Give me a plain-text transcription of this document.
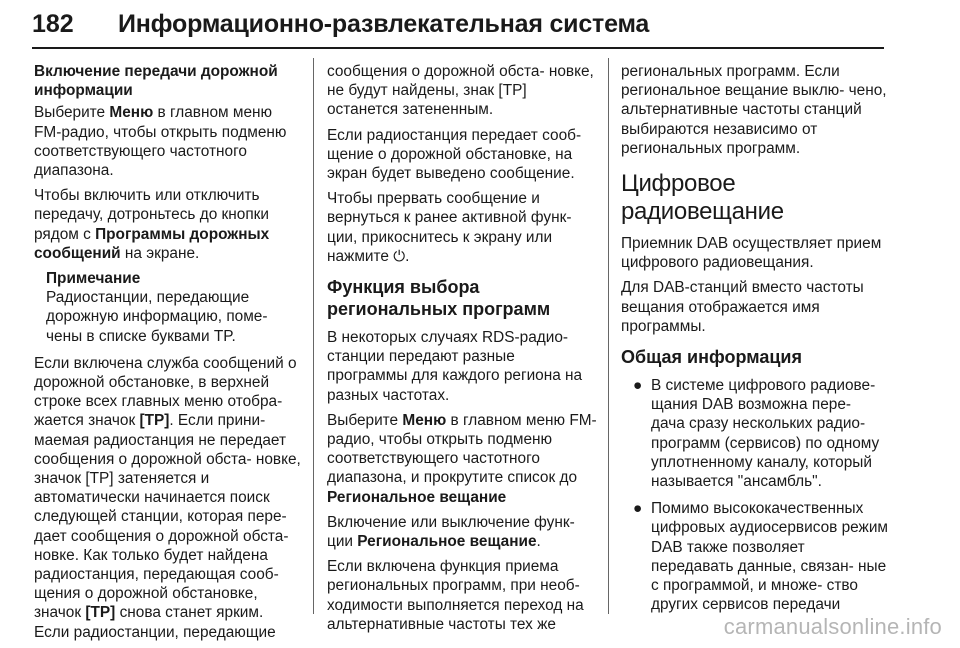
182 Информационно-развлекательная система
Включение передачи дорожной информации

Выберите Меню в главном меню FM-радио, чтобы открыть подменю соответствующего частотного диапазона.

Чтобы включить или отключить передачу, дотроньтесь до кнопки рядом с Программы дорожных сообщений на экране.

Примечание

Радиостанции, передающие дорожную информацию, поме- чены в списке буквами TP.

Если включена служба сообщений о дорожной обстановке, в верхней строке всех главных меню отобра- жается значок [TP]. Если прини- маемая радиостанция не передает сообщения о дорожной обста- новке, значок [TP] затеняется и автоматически начинается поиск следующей станции, которая пере- дает сообщения о дорожной обста- новке. Как только будет найдена радиостанция, передающая сооб- щения о дорожной обстановке, значок [TP] снова станет ярким. Если радиостанции, передающие

сообщения о дорожной обста- новке, не будут найдены, знак [TP] останется затененным.

Если радиостанция передает сооб- щение о дорожной обстановке, на экран будет выведено сообщение.

Чтобы прервать сообщение и вернуться к ранее активной функ- ции, прикоснитесь к экрану или нажмите ⏻.

Функция выбора региональных программ

В некоторых случаях RDS-радио- станции передают разные программы для каждого региона на разных частотах.

Выберите Меню в главном меню FM-радио, чтобы открыть подменю соответствующего частотного диапазона, и прокрутите список до Региональное вещание

Включение или выключение функ- ции Региональное вещание.

Если включена функция приема региональных программ, при необ- ходимости выполняется переход на альтернативные частоты тех же

региональных программ. Если региональное вещание выклю- чено, альтернативные частоты станций выбираются независимо от региональных программ.

Цифровое радиовещание

Приемник DAB осуществляет прием цифрового радиовещания.

Для DAB-станций вместо частоты вещания отображается имя программы.

Общая информация
● В системе цифрового радиове- щания DAB возможна пере- дача сразу нескольких радио- программ (сервисов) по одному уплотненному каналу, который называется "ансамбль".
● Помимо высококачественных цифровых аудиосервисов режим DAB также позволяет передавать данные, связан- ные с программой, и множе- ство других сервисов передачи
carmanualsonline.info
